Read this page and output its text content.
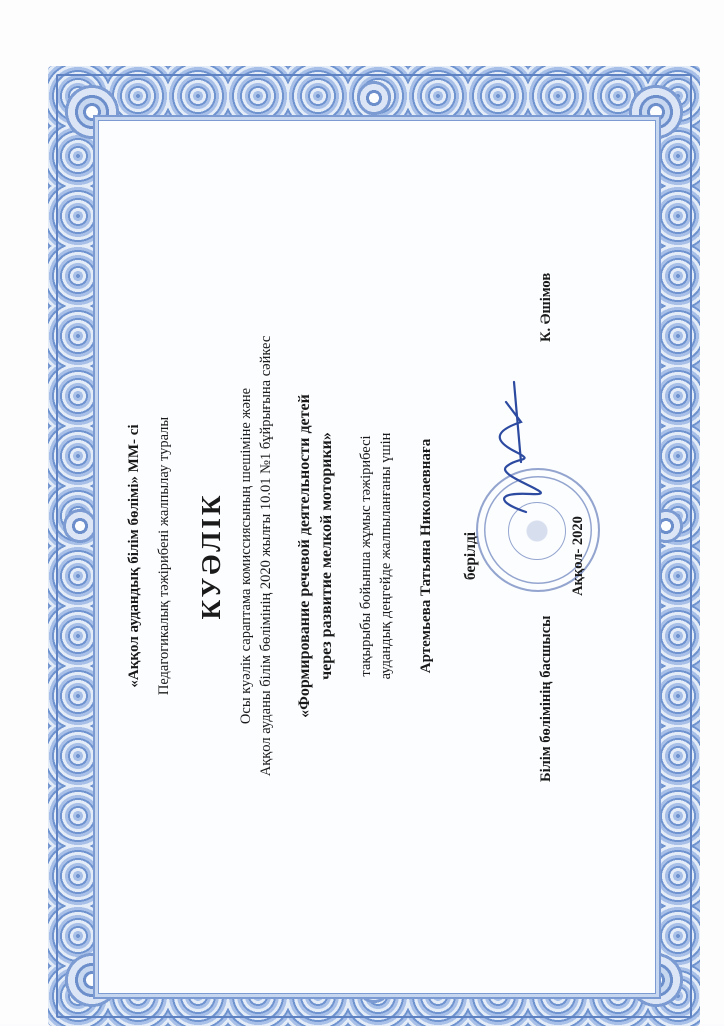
«Аққол аудандық білім бөлімі» ММ- сі Педагогикалық тәжірибені жалпылау туралы КУӘЛІК Осы куәлік сараптама комиссиясының шешіміне және Аққол ауданы білім бөлімінің 2020 жылғы 10.01 №1 бұйрығына сәйкес «Формирование речевой деятельности детей через развитие мелкой моторики» тақырыбы бойынша жұмыс тәжірибесі аудандық деңгейде жалпыланғаны үшін Артемьева Татьяна Николаевнаға берілді
Білім бөлімінің басшысы
К. Әшімов
Аққол- 2020
